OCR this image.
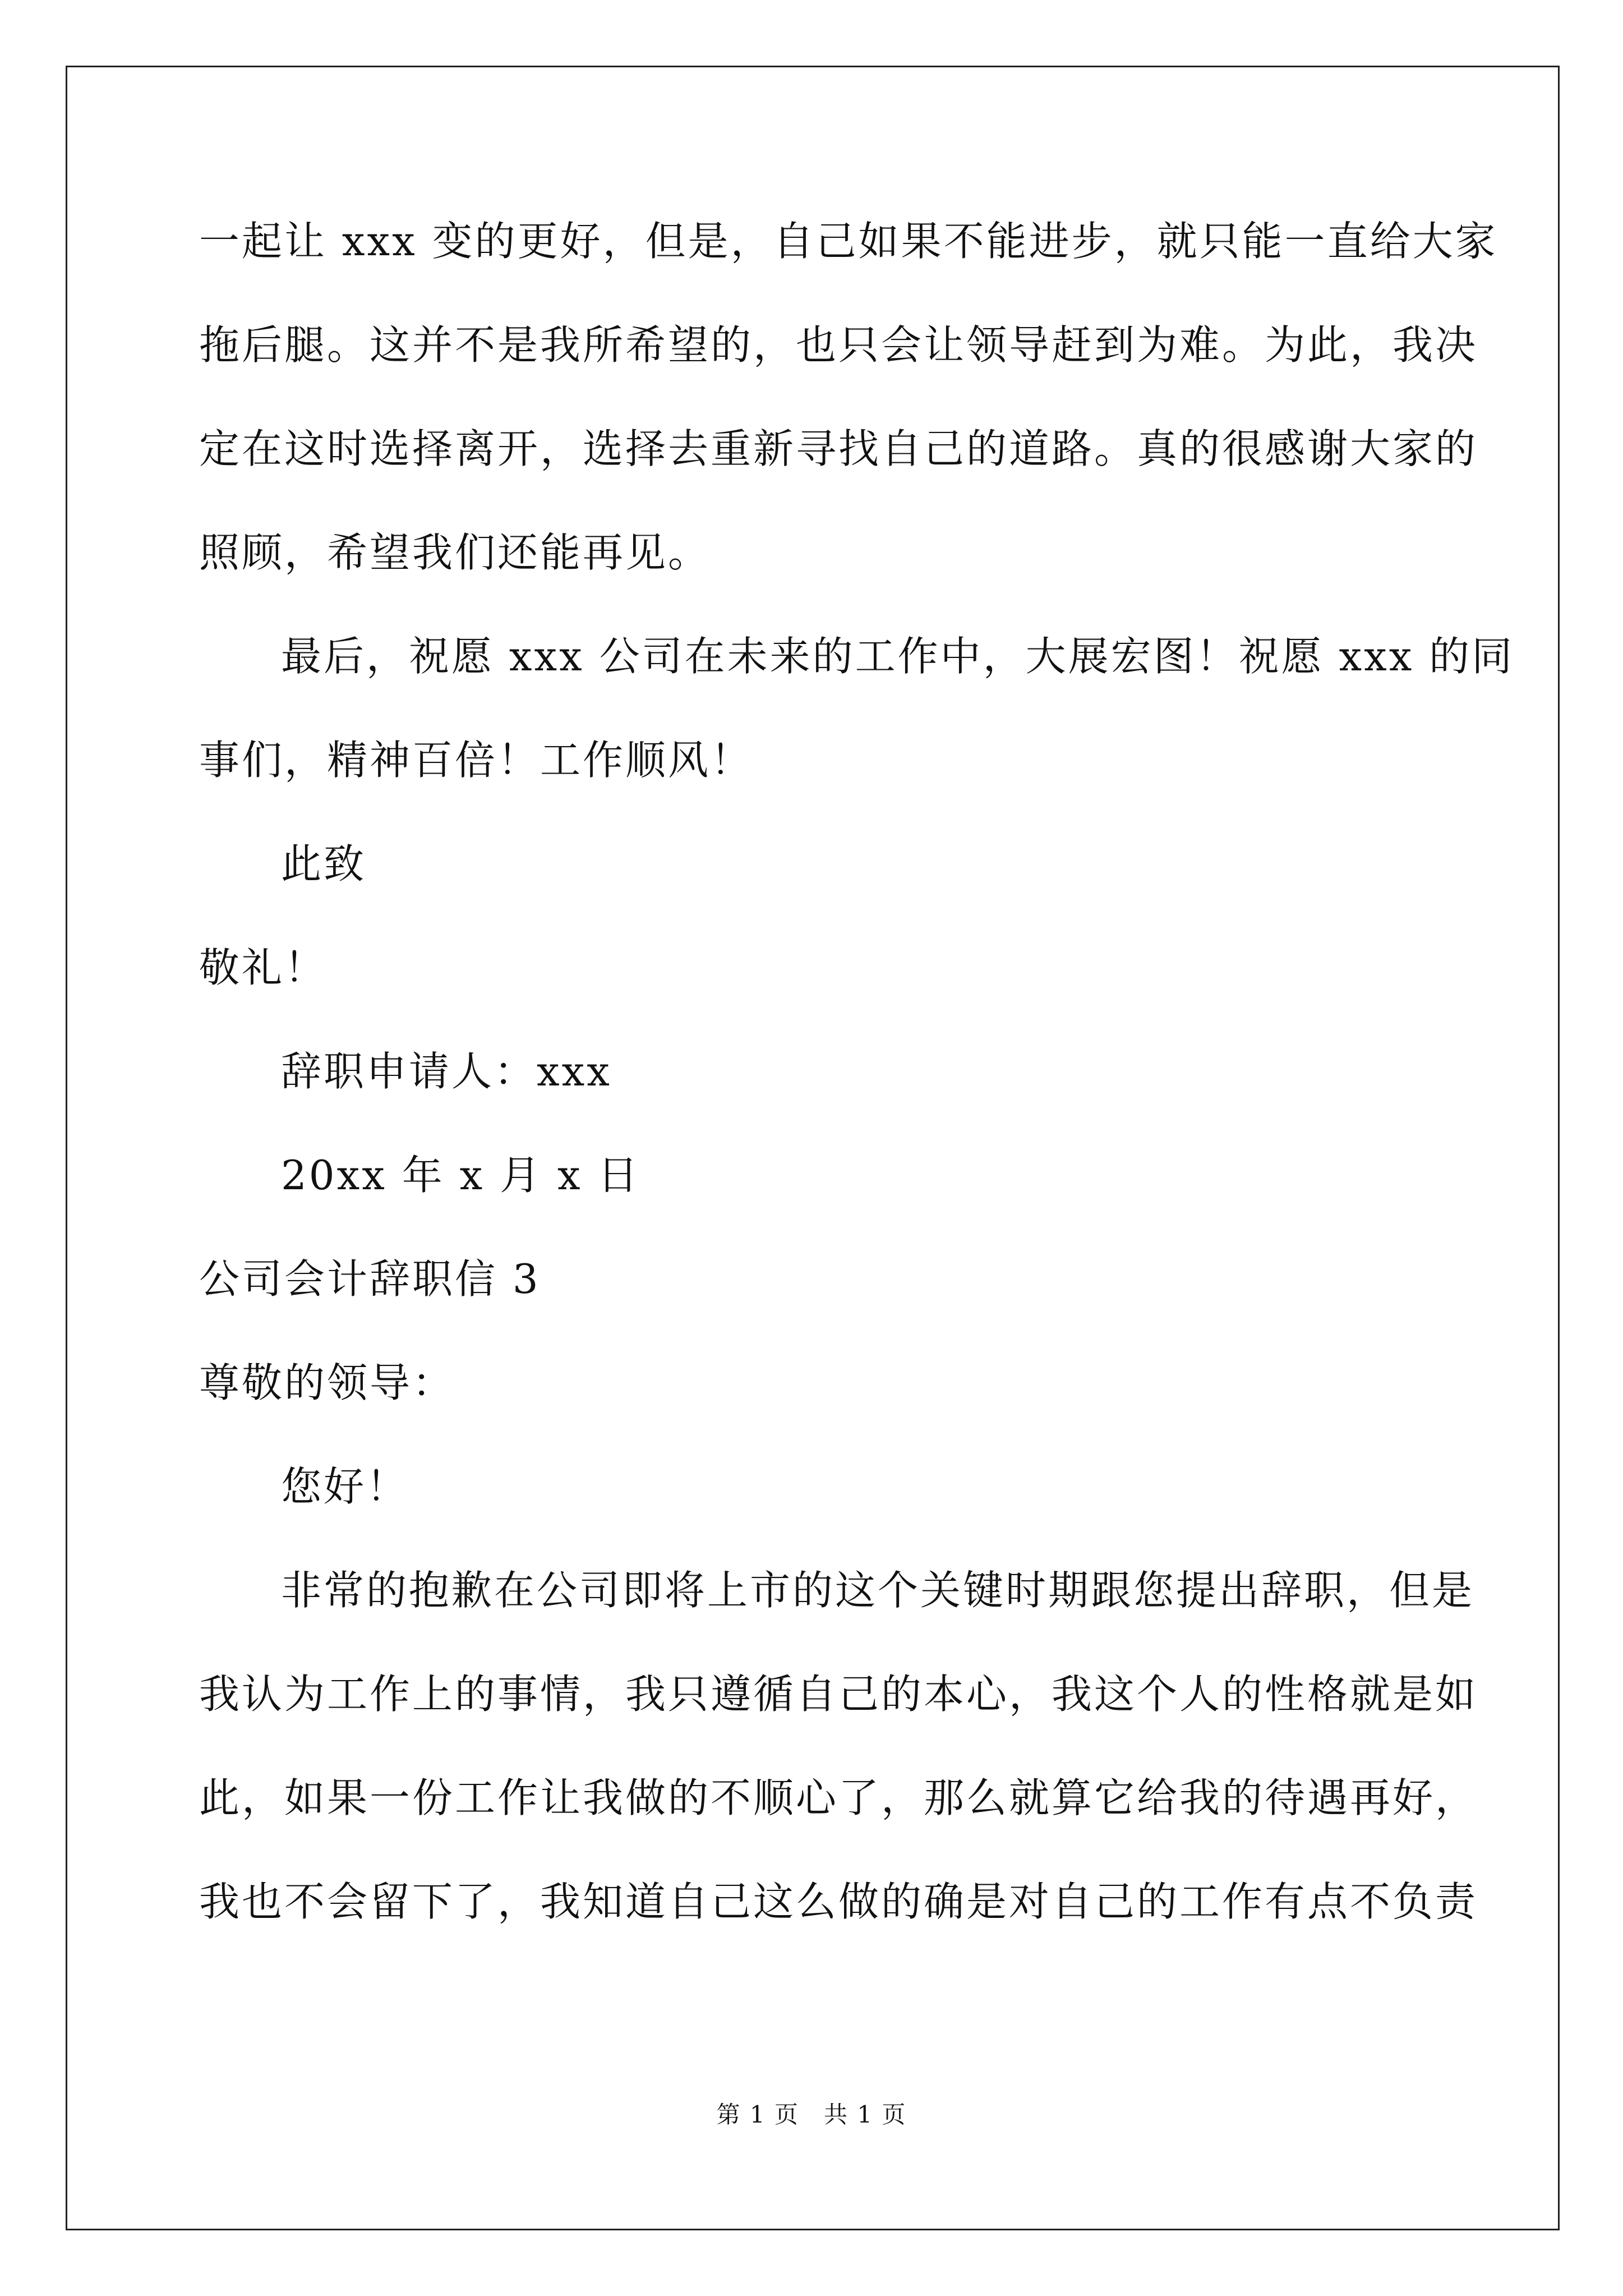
一起让 xxx 变的更好，但是，自己如果不能进步，就只能一直给大家
拖后腿。这并不是我所希望的，也只会让领导赶到为难。为此，我决
定在这时选择离开，选择去重新寻找自己的道路。真的很感谢大家的
照顾，希望我们还能再见。
最后，祝愿 xxx 公司在未来的工作中，大展宏图！祝愿 xxx 的同
事们，精神百倍！工作顺风！
此致
敬礼！
辞职申请人：xxx
20xx 年 x 月 x 日
公司会计辞职信 3
尊敬的领导：
您好！
非常的抱歉在公司即将上市的这个关键时期跟您提出辞职，但是
我认为工作上的事情，我只遵循自己的本心，我这个人的性格就是如
此，如果一份工作让我做的不顺心了，那么就算它给我的待遇再好，
我也不会留下了，我知道自己这么做的确是对自己的工作有点不负责
第 1 页　共 1 页
